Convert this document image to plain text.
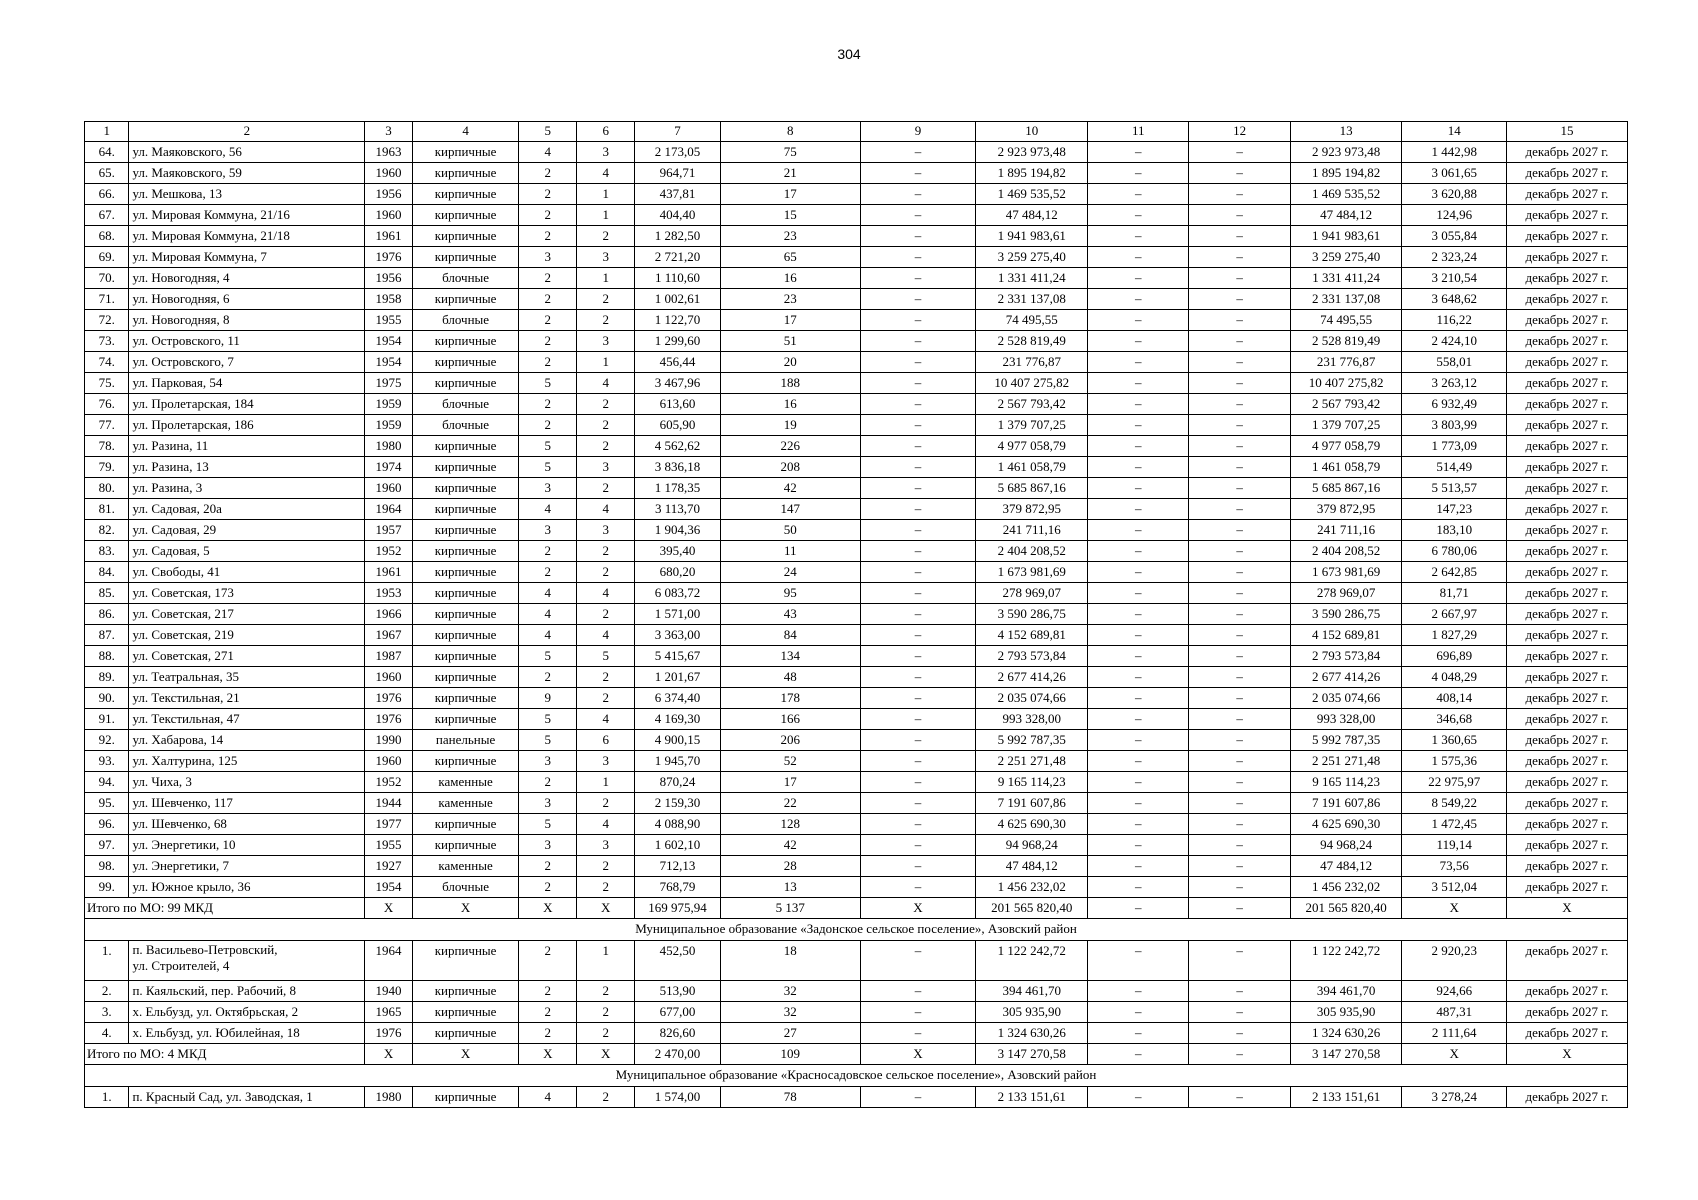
304
1	2	3	4	5	6	7	8	9	10	11	12	13	14	15
64.	ул. Маяковского, 56	1963	кирпичные	4	3	2 173,05	75	–	2 923 973,48	–	–	2 923 973,48	1 442,98	декабрь 2027 г.
65.	ул. Маяковского, 59	1960	кирпичные	2	4	964,71	21	–	1 895 194,82	–	–	1 895 194,82	3 061,65	декабрь 2027 г.
66.	ул. Мешкова, 13	1956	кирпичные	2	1	437,81	17	–	1 469 535,52	–	–	1 469 535,52	3 620,88	декабрь 2027 г.
67.	ул. Мировая Коммуна, 21/16	1960	кирпичные	2	1	404,40	15	–	47 484,12	–	–	47 484,12	124,96	декабрь 2027 г.
68.	ул. Мировая Коммуна, 21/18	1961	кирпичные	2	2	1 282,50	23	–	1 941 983,61	–	–	1 941 983,61	3 055,84	декабрь 2027 г.
69.	ул. Мировая Коммуна, 7	1976	кирпичные	3	3	2 721,20	65	–	3 259 275,40	–	–	3 259 275,40	2 323,24	декабрь 2027 г.
70.	ул. Новогодняя, 4	1956	блочные	2	1	1 110,60	16	–	1 331 411,24	–	–	1 331 411,24	3 210,54	декабрь 2027 г.
71.	ул. Новогодняя, 6	1958	кирпичные	2	2	1 002,61	23	–	2 331 137,08	–	–	2 331 137,08	3 648,62	декабрь 2027 г.
72.	ул. Новогодняя, 8	1955	блочные	2	2	1 122,70	17	–	74 495,55	–	–	74 495,55	116,22	декабрь 2027 г.
73.	ул. Островского, 11	1954	кирпичные	2	3	1 299,60	51	–	2 528 819,49	–	–	2 528 819,49	2 424,10	декабрь 2027 г.
74.	ул. Островского, 7	1954	кирпичные	2	1	456,44	20	–	231 776,87	–	–	231 776,87	558,01	декабрь 2027 г.
75.	ул. Парковая, 54	1975	кирпичные	5	4	3 467,96	188	–	10 407 275,82	–	–	10 407 275,82	3 263,12	декабрь 2027 г.
76.	ул. Пролетарская, 184	1959	блочные	2	2	613,60	16	–	2 567 793,42	–	–	2 567 793,42	6 932,49	декабрь 2027 г.
77.	ул. Пролетарская, 186	1959	блочные	2	2	605,90	19	–	1 379 707,25	–	–	1 379 707,25	3 803,99	декабрь 2027 г.
78.	ул. Разина, 11	1980	кирпичные	5	2	4 562,62	226	–	4 977 058,79	–	–	4 977 058,79	1 773,09	декабрь 2027 г.
79.	ул. Разина, 13	1974	кирпичные	5	3	3 836,18	208	–	1 461 058,79	–	–	1 461 058,79	514,49	декабрь 2027 г.
80.	ул. Разина, 3	1960	кирпичные	3	2	1 178,35	42	–	5 685 867,16	–	–	5 685 867,16	5 513,57	декабрь 2027 г.
81.	ул. Садовая, 20а	1964	кирпичные	4	4	3 113,70	147	–	379 872,95	–	–	379 872,95	147,23	декабрь 2027 г.
82.	ул. Садовая, 29	1957	кирпичные	3	3	1 904,36	50	–	241 711,16	–	–	241 711,16	183,10	декабрь 2027 г.
83.	ул. Садовая, 5	1952	кирпичные	2	2	395,40	11	–	2 404 208,52	–	–	2 404 208,52	6 780,06	декабрь 2027 г.
84.	ул. Свободы, 41	1961	кирпичные	2	2	680,20	24	–	1 673 981,69	–	–	1 673 981,69	2 642,85	декабрь 2027 г.
85.	ул. Советская, 173	1953	кирпичные	4	4	6 083,72	95	–	278 969,07	–	–	278 969,07	81,71	декабрь 2027 г.
86.	ул. Советская, 217	1966	кирпичные	4	2	1 571,00	43	–	3 590 286,75	–	–	3 590 286,75	2 667,97	декабрь 2027 г.
87.	ул. Советская, 219	1967	кирпичные	4	4	3 363,00	84	–	4 152 689,81	–	–	4 152 689,81	1 827,29	декабрь 2027 г.
88.	ул. Советская, 271	1987	кирпичные	5	5	5 415,67	134	–	2 793 573,84	–	–	2 793 573,84	696,89	декабрь 2027 г.
89.	ул. Театральная, 35	1960	кирпичные	2	2	1 201,67	48	–	2 677 414,26	–	–	2 677 414,26	4 048,29	декабрь 2027 г.
90.	ул. Текстильная, 21	1976	кирпичные	9	2	6 374,40	178	–	2 035 074,66	–	–	2 035 074,66	408,14	декабрь 2027 г.
91.	ул. Текстильная, 47	1976	кирпичные	5	4	4 169,30	166	–	993 328,00	–	–	993 328,00	346,68	декабрь 2027 г.
92.	ул. Хабарова, 14	1990	панельные	5	6	4 900,15	206	–	5 992 787,35	–	–	5 992 787,35	1 360,65	декабрь 2027 г.
93.	ул. Халтурина, 125	1960	кирпичные	3	3	1 945,70	52	–	2 251 271,48	–	–	2 251 271,48	1 575,36	декабрь 2027 г.
94.	ул. Чиха, 3	1952	каменные	2	1	870,24	17	–	9 165 114,23	–	–	9 165 114,23	22 975,97	декабрь 2027 г.
95.	ул. Шевченко, 117	1944	каменные	3	2	2 159,30	22	–	7 191 607,86	–	–	7 191 607,86	8 549,22	декабрь 2027 г.
96.	ул. Шевченко, 68	1977	кирпичные	5	4	4 088,90	128	–	4 625 690,30	–	–	4 625 690,30	1 472,45	декабрь 2027 г.
97.	ул. Энергетики, 10	1955	кирпичные	3	3	1 602,10	42	–	94 968,24	–	–	94 968,24	119,14	декабрь 2027 г.
98.	ул. Энергетики, 7	1927	каменные	2	2	712,13	28	–	47 484,12	–	–	47 484,12	73,56	декабрь 2027 г.
99.	ул. Южное крыло, 36	1954	блочные	2	2	768,79	13	–	1 456 232,02	–	–	1 456 232,02	3 512,04	декабрь 2027 г.
Итого по МО: 99 МКД		X	X	X	X	169 975,94	5 137	X	201 565 820,40	–	–	201 565 820,40	X	X
Муниципальное образование «Задонское сельское поселение», Азовский район														
1.	п. Васильево-Петровский,
ул. Строителей, 4	1964	кирпичные	2	1	452,50	18	–	1 122 242,72	–	–	1 122 242,72	2 920,23	декабрь 2027 г.
2.	п. Каяльский, пер. Рабочий, 8	1940	кирпичные	2	2	513,90	32	–	394 461,70	–	–	394 461,70	924,66	декабрь 2027 г.
3.	х. Ельбузд, ул. Октябрьская, 2	1965	кирпичные	2	2	677,00	32	–	305 935,90	–	–	305 935,90	487,31	декабрь 2027 г.
4.	х. Ельбузд, ул. Юбилейная, 18	1976	кирпичные	2	2	826,60	27	–	1 324 630,26	–	–	1 324 630,26	2 111,64	декабрь 2027 г.
Итого по МО: 4 МКД		X	X	X	X	2 470,00	109	X	3 147 270,58	–	–	3 147 270,58	X	X
Муниципальное образование «Красносадовское сельское поселение», Азовский район														
1.	п. Красный Сад, ул. Заводская, 1	1980	кирпичные	4	2	1 574,00	78	–	2 133 151,61	–	–	2 133 151,61	3 278,24	декабрь 2027 г.
